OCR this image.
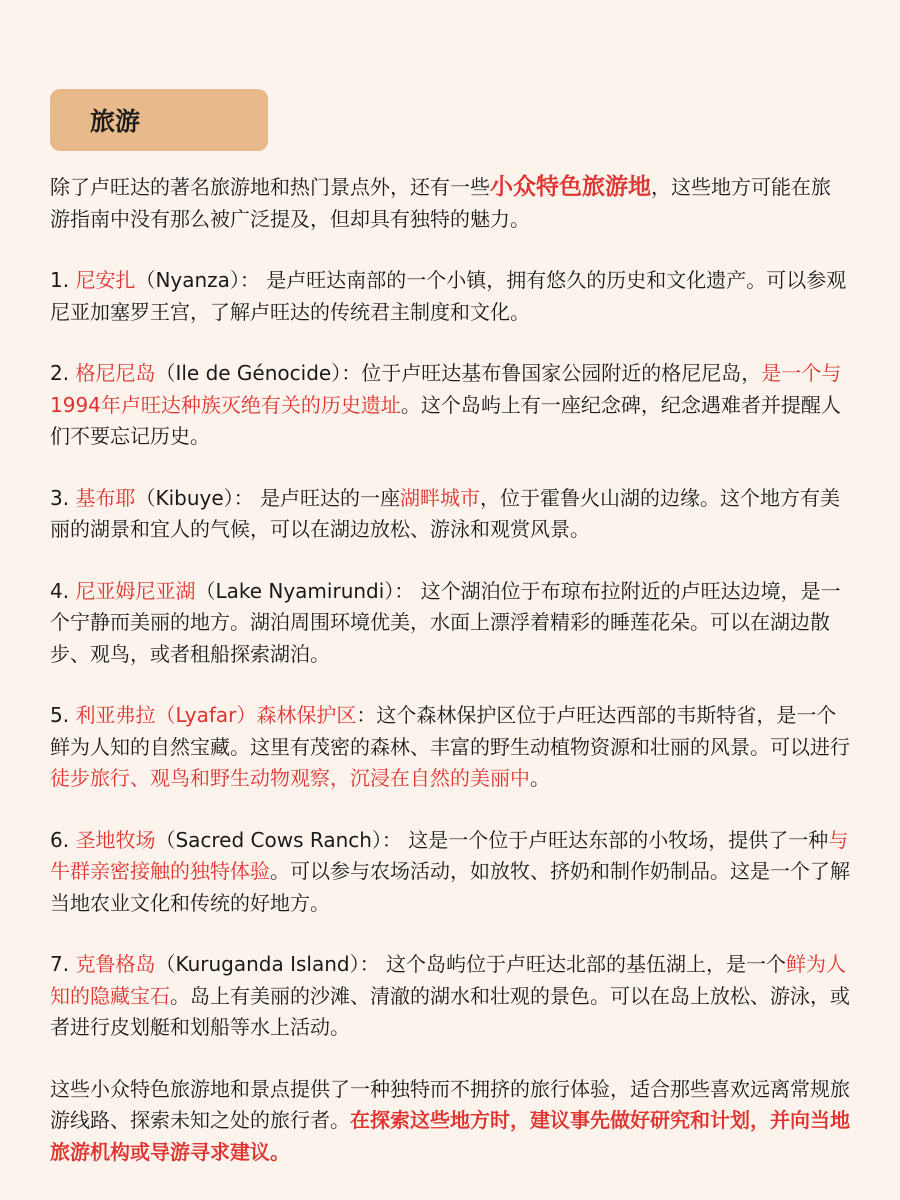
旅游

除了卢旺达的著名旅游地和热门景点外，还有一些小众特色旅游地，这些地方可能在旅游指南中没有那么被广泛提及，但却具有独特的魅力。

1. 尼安扎（Nyanza）： 是卢旺达南部的一个小镇，拥有悠久的历史和文化遗产。可以参观尼亚加塞罗王宫，了解卢旺达的传统君主制度和文化。

2. 格尼尼岛（Ile de Génocide）：位于卢旺达基布鲁国家公园附近的格尼尼岛，是一个与1994年卢旺达种族灭绝有关的历史遗址。这个岛屿上有一座纪念碑，纪念遇难者并提醒人们不要忘记历史。

3. 基布耶（Kibuye）： 是卢旺达的一座湖畔城市，位于霍鲁火山湖的边缘。这个地方有美丽的湖景和宜人的气候，可以在湖边放松、游泳和观赏风景。

4. 尼亚姆尼亚湖（Lake Nyamirundi）： 这个湖泊位于布琼布拉附近的卢旺达边境，是一个宁静而美丽的地方。湖泊周围环境优美，水面上漂浮着精彩的睡莲花朵。可以在湖边散步、观鸟，或者租船探索湖泊。

5. 利亚弗拉（Lyafar）森林保护区：这个森林保护区位于卢旺达西部的韦斯特省，是一个鲜为人知的自然宝藏。这里有茂密的森林、丰富的野生动植物资源和壮丽的风景。可以进行徒步旅行、观鸟和野生动物观察，沉浸在自然的美丽中。

6. 圣地牧场（Sacred Cows Ranch）： 这是一个位于卢旺达东部的小牧场，提供了一种与牛群亲密接触的独特体验。可以参与农场活动，如放牧、挤奶和制作奶制品。这是一个了解当地农业文化和传统的好地方。

7. 克鲁格岛（Kuruganda Island）： 这个岛屿位于卢旺达北部的基伍湖上，是一个鲜为人知的隐藏宝石。岛上有美丽的沙滩、清澈的湖水和壮观的景色。可以在岛上放松、游泳，或者进行皮划艇和划船等水上活动。

这些小众特色旅游地和景点提供了一种独特而不拥挤的旅行体验，适合那些喜欢远离常规旅游线路、探索未知之处的旅行者。在探索这些地方时，建议事先做好研究和计划，并向当地旅游机构或导游寻求建议。
